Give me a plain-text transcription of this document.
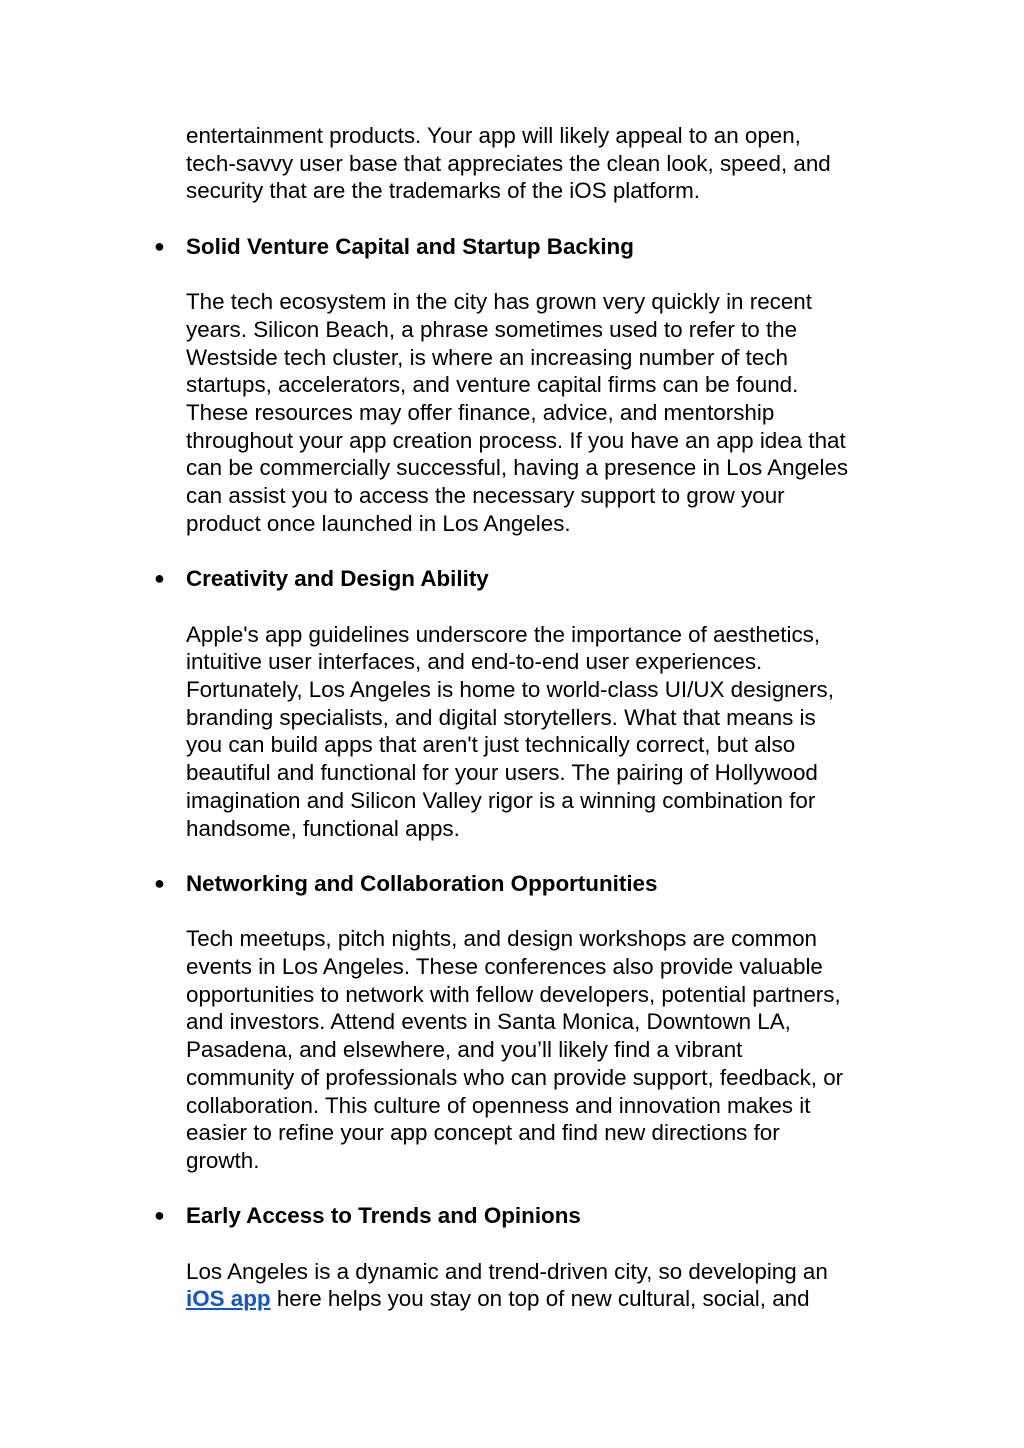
entertainment products. Your app will likely appeal to an open,
tech-savvy user base that appreciates the clean look, speed, and
security that are the trademarks of the iOS platform.

● Solid Venture Capital and Startup Backing

The tech ecosystem in the city has grown very quickly in recent
years. Silicon Beach, a phrase sometimes used to refer to the
Westside tech cluster, is where an increasing number of tech
startups, accelerators, and venture capital firms can be found.
These resources may offer finance, advice, and mentorship
throughout your app creation process. If you have an app idea that
can be commercially successful, having a presence in Los Angeles
can assist you to access the necessary support to grow your
product once launched in Los Angeles.

● Creativity and Design Ability

Apple's app guidelines underscore the importance of aesthetics,
intuitive user interfaces, and end-to-end user experiences.
Fortunately, Los Angeles is home to world-class UI/UX designers,
branding specialists, and digital storytellers. What that means is
you can build apps that aren't just technically correct, but also
beautiful and functional for your users. The pairing of Hollywood
imagination and Silicon Valley rigor is a winning combination for
handsome, functional apps.

● Networking and Collaboration Opportunities

Tech meetups, pitch nights, and design workshops are common
events in Los Angeles. These conferences also provide valuable
opportunities to network with fellow developers, potential partners,
and investors. Attend events in Santa Monica, Downtown LA,
Pasadena, and elsewhere, and you’ll likely find a vibrant
community of professionals who can provide support, feedback, or
collaboration. This culture of openness and innovation makes it
easier to refine your app concept and find new directions for
growth.

● Early Access to Trends and Opinions

Los Angeles is a dynamic and trend-driven city, so developing an
iOS app here helps you stay on top of new cultural, social, and
